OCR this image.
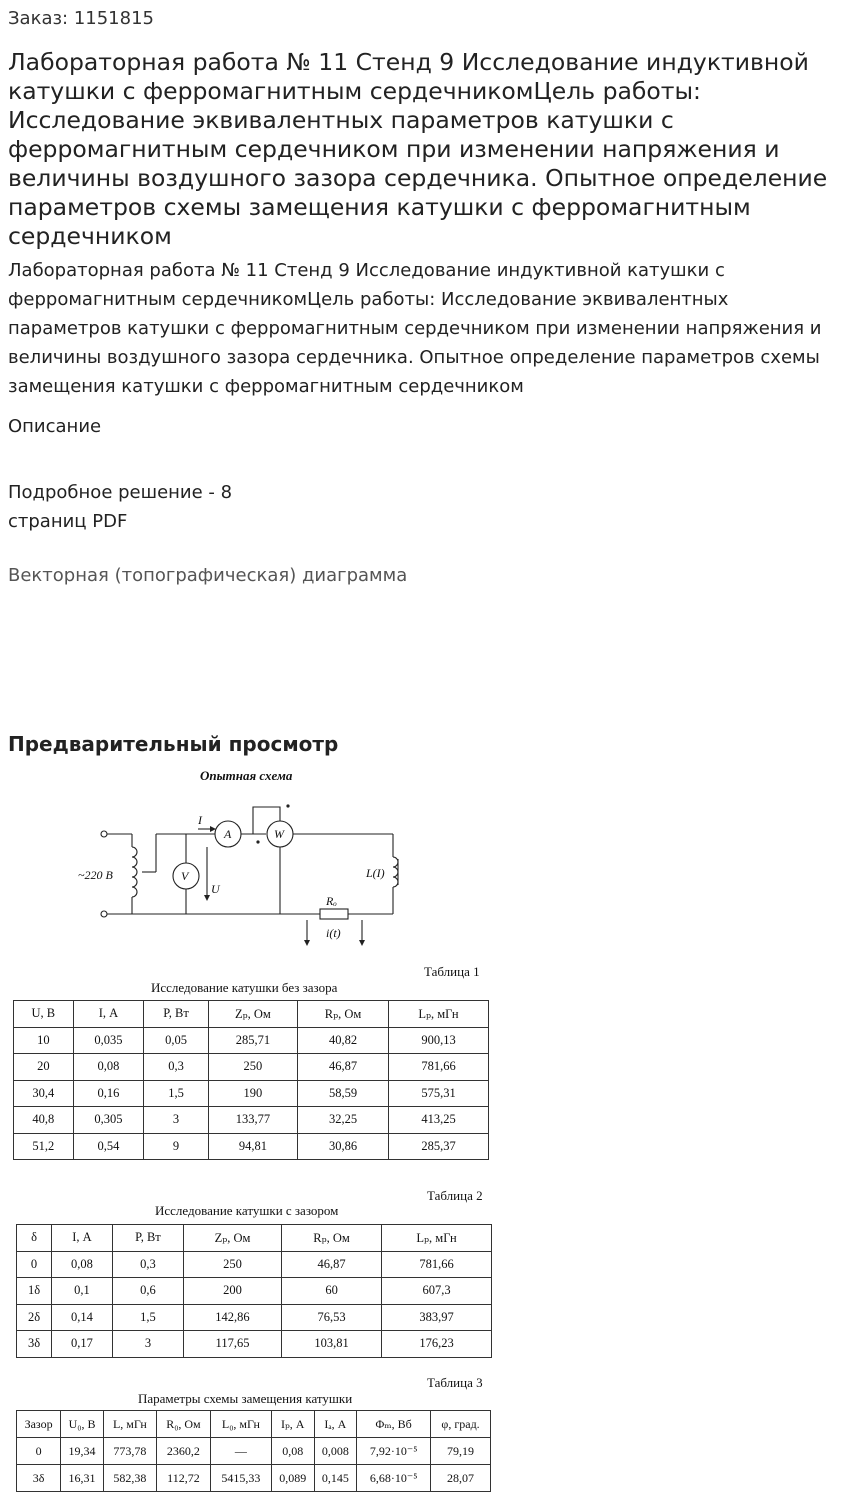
Заказ: 1151815
Лабораторная работа № 11 Стенд 9 Исследование индуктивной катушки с ферромагнитным сердечникомЦель работы: Исследование эквивалентных параметров катушки с ферромагнитным сердечником при изменении напряжения и величины воздушного зазора сердечника. Опытное определение параметров схемы замещения катушки с ферромагнитным сердечником
Лабораторная работа № 11 Стенд 9 Исследование индуктивной катушки с ферромагнитным сердечникомЦель работы: Исследование эквивалентных параметров катушки с ферромагнитным сердечником при изменении напряжения и величины воздушного зазора сердечника. Опытное определение параметров схемы замещения катушки с ферромагнитным сердечником
Описание
Подробное решение - 8
страниц PDF
Векторная (топографическая) диаграмма
Предварительный просмотр
Опытная схема
~220 В	V
A	W
I
U
L(I)
Rₒ
i(t)
Таблица 1
Исследование катушки без зазора
U, В	I, А	P, Вт	Zₚ, Ом	Rₚ, Ом	Lₚ, мГн
10	0,035	0,05	285,71	40,82	900,13
20	0,08	0,3	250	46,87	781,66
30,4	0,16	1,5	190	58,59	575,31
40,8	0,305	3	133,77	32,25	413,25
51,2	0,54	9	94,81	30,86	285,37
Таблица 2
Исследование катушки с зазором
δ	I, А	P, Вт	Zₚ, Ом	Rₚ, Ом	Lₚ, мГн
0	0,08	0,3	250	46,87	781,66
1δ	0,1	0,6	200	60	607,3
2δ	0,14	1,5	142,86	76,53	383,97
3δ	0,17	3	117,65	103,81	176,23
Таблица 3
Параметры схемы замещения катушки
Зазор	U₀, В	L, мГн	R₀, Ом	L₀, мГн	Iₚ, А	Iₐ, А	Φₘ, Вб	φ, град.
0	19,34	773,78	2360,2	—	0,08	0,008	7,92·10⁻⁵	79,19
3δ	16,31	582,38	112,72	5415,33	0,089	0,145	6,68·10⁻⁵	28,07
